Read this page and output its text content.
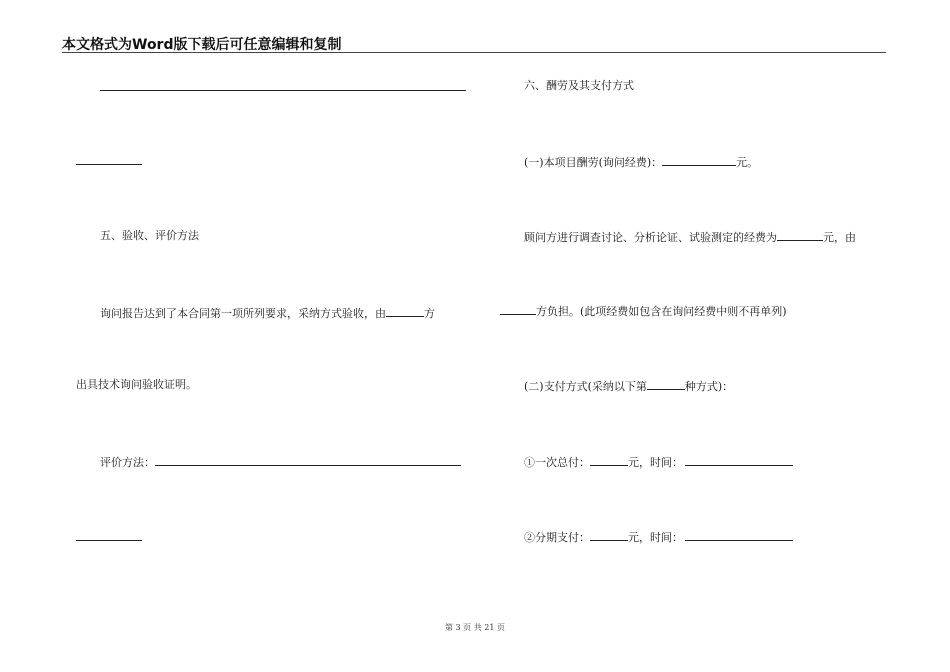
本文格式为Word版下载后可任意编辑和复制
五、验收、评价方法
询问报告达到了本合同第一项所列要求，采纳方式验收，由	方
出具技术询问验收证明。
评价方法：
六、酬劳及其支付方式
(一)本项目酬劳(询问经费)：	元。
顾问方进行调查讨论、分析论证、试验测定的经费为	元，由
方负担。(此项经费如包含在询问经费中则不再单列)
(二)支付方式(采纳以下第	种方式)：
①一次总付：	元，时间：
②分期支付：	元，时间：
第 3 页 共 21 页
